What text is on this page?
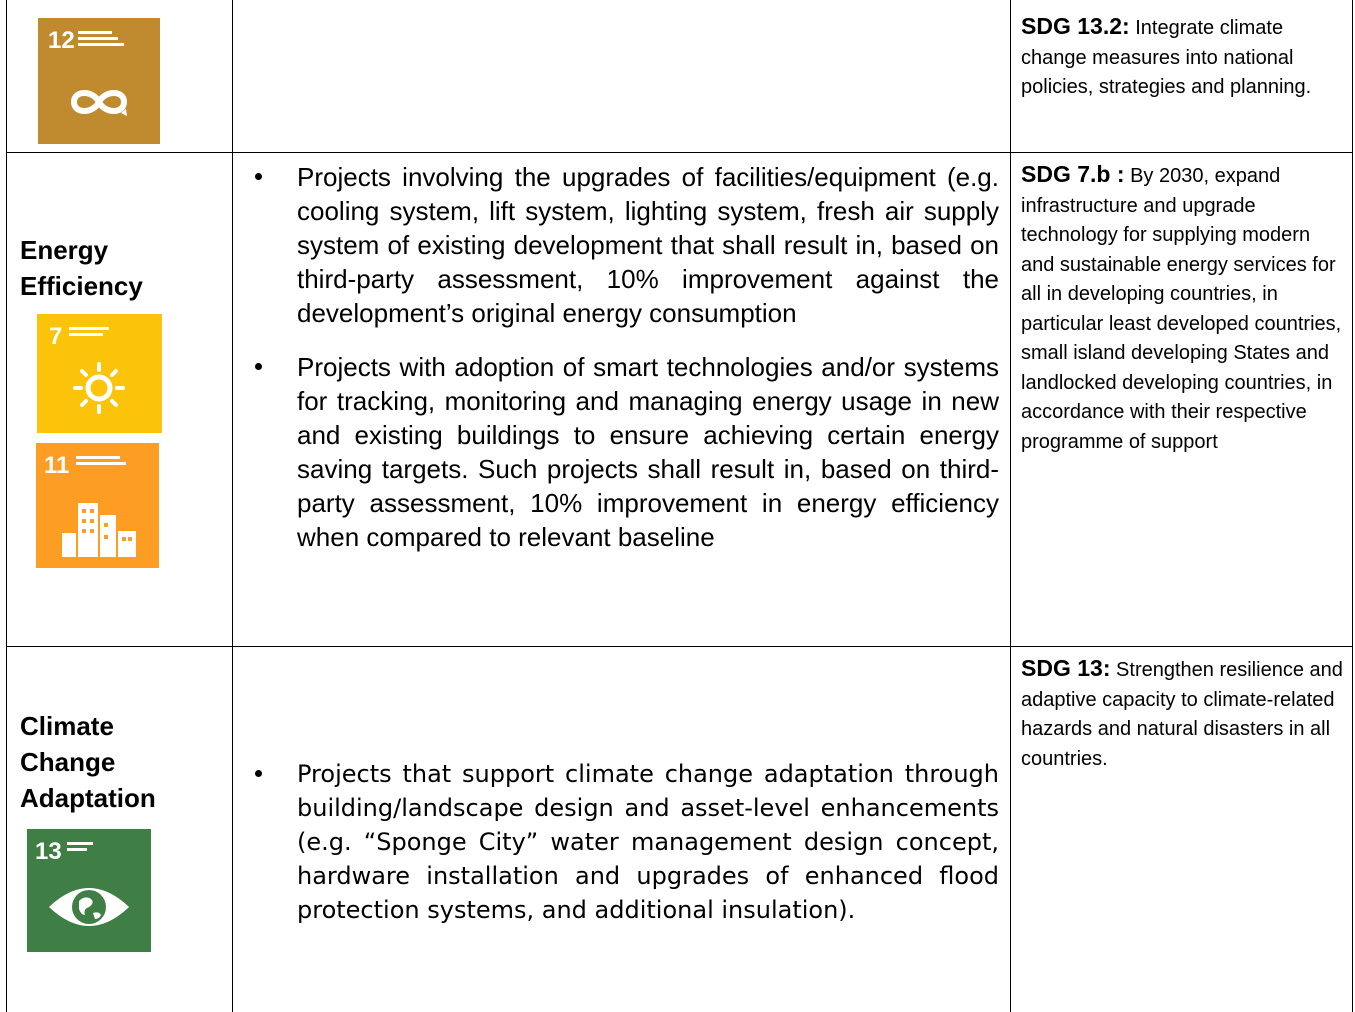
12
SDG 13.2: Integrate climate change measures into national policies, strategies and planning.
Energy Efficiency
7
11
Projects involving the upgrades of facilities/equipment (e.g. cooling system, lift system, lighting system, fresh air supply system of existing development that shall result in, based on third-party assessment, 10% improvement against the development’s original energy consumption
Projects with adoption of smart technologies and/or systems for tracking, monitoring and managing energy usage in new and existing buildings to ensure achieving certain energy saving targets. Such projects shall result in, based on third-party assessment, 10% improvement in energy efficiency when compared to relevant baseline
SDG 7.b : By 2030, expand infrastructure and upgrade technology for supplying modern and sustainable energy services for all in developing countries, in particular least developed countries, small island developing States and landlocked developing countries, in accordance with their respective programme of support
Climate Change Adaptation
13
Projects that support climate change adaptation through building/landscape design and asset-level enhancements (e.g. “Sponge City” water management design concept, hardware installation and upgrades of enhanced flood protection systems, and additional insulation).
SDG 13: Strengthen resilience and adaptive capacity to climate-related hazards and natural disasters in all countries.
